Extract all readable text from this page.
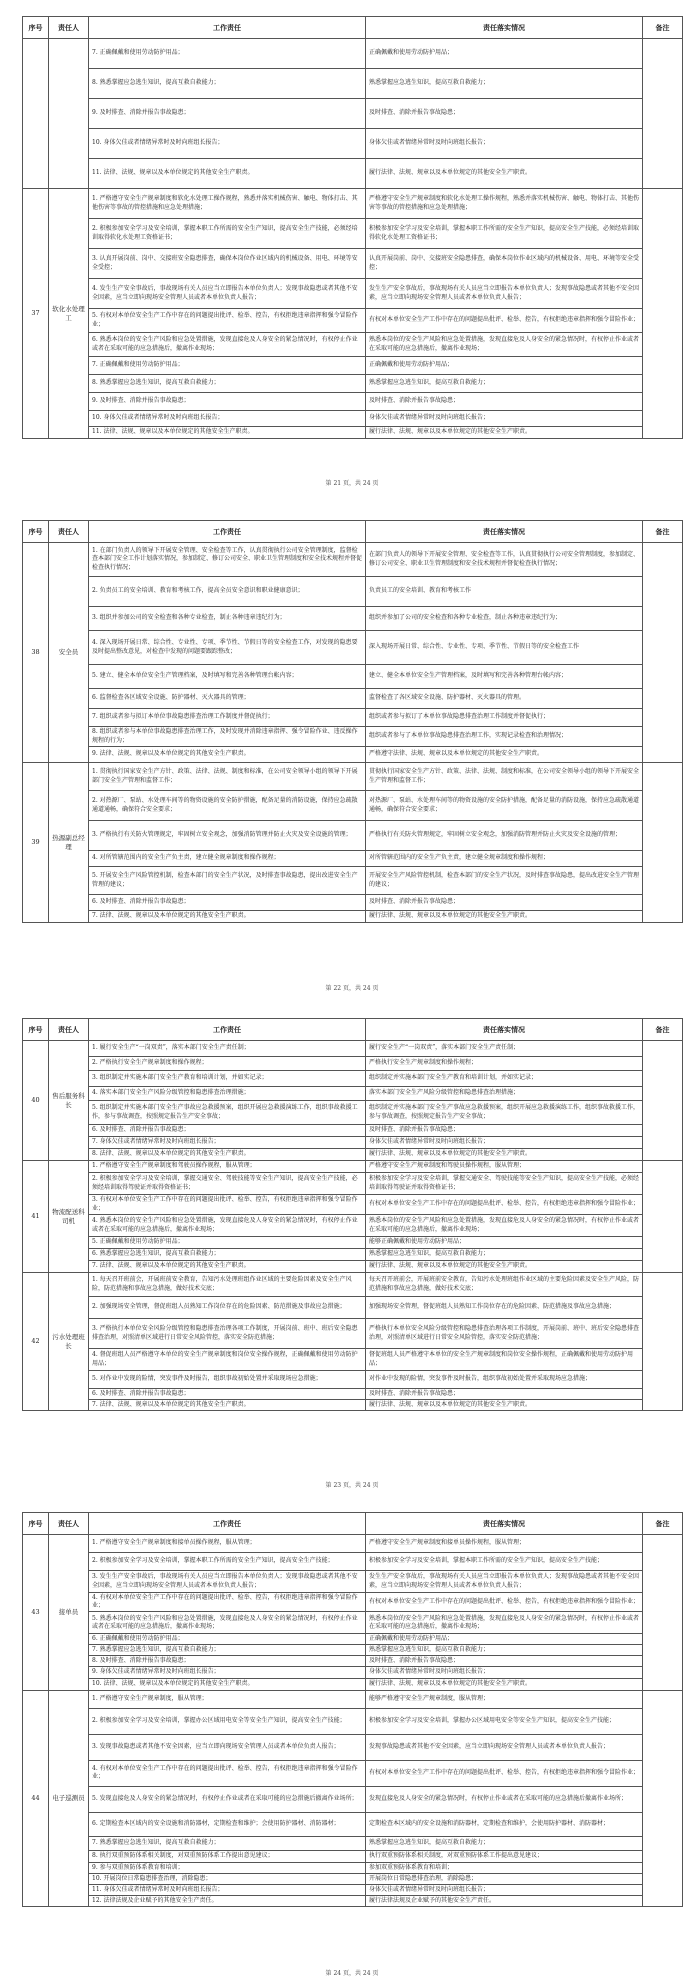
序号	责任人	工作责任	责任落实情况	备注
		7. 正确佩戴和使用劳动防护用品；	正确佩戴和使用劳动防护用品；	
		8. 熟悉掌握应急逃生知识，提高互救自救能力；	熟悉掌握应急逃生知识，提高互救自救能力；	
		9. 及时排查、消除并报告事故隐患；	及时排查、消除并报告事故隐患；	
		10. 身体欠佳或者情绪异常时及时向班组长报告；	身体欠佳或者情绪异常时及时向班组长报告；	
		11. 法律、法规、规章以及本单位规定的其他安全生产职责。	履行法律、法规、规章以及本单位规定的其他安全生产职责。	
37	软化水处理工	1. 严格遵守安全生产规章制度和软化水处理工操作规程，熟悉并落实机械伤害、触电、物体打击、其他伤害等事故的管控措施和应急处理措施；	严格遵守安全生产规章制度和软化水处理工操作规程，熟悉并落实机械伤害、触电、物体打击、其他伤害等事故的管控措施和应急处理措施；	
		2. 积极参加安全学习及安全培训，掌握本职工作所需的安全生产知识，提高安全生产技能，必须经培训取得软化水处理工资格证书；	积极参加安全学习及安全培训，掌握本职工作所需的安全生产知识，提高安全生产技能，必须经培训取得软化水处理工资格证书；	
		3. 认真开展岗前、岗中、交接班安全隐患排查，确保本岗位作业区域内的机械设备、用电、环境等安全受控；	认真开展岗前、岗中、交接班安全隐患排查，确保本岗位作业区域内的机械设备、用电、环境等安全受控；	
		4. 发生生产安全事故后，事故现场有关人员应当立即报告本单位负责人；发现事故隐患或者其他不安全因素，应当立即向现场安全管理人员或者本单位负责人报告；	发生生产安全事故后，事故现场有关人员应当立即报告本单位负责人；发现事故隐患或者其他不安全因素，应当立即向现场安全管理人员或者本单位负责人报告；	
		5. 有权对本单位安全生产工作中存在的问题提出批评、检举、控告，有权拒绝违章指挥和强令冒险作业；	有权对本单位安全生产工作中存在的问题提出批评、检举、控告，有权拒绝违章指挥和强令冒险作业；	
		6. 熟悉本岗位的安全生产风险和应急处置措施，发现直接危及人身安全的紧急情况时，有权停止作业或者在采取可能的应急措施后，撤离作业现场；	熟悉本岗位的安全生产风险和应急处置措施，发现直接危及人身安全的紧急情况时，有权停止作业或者在采取可能的应急措施后，撤离作业现场；	
		7. 正确佩戴和使用劳动防护用品；	正确佩戴和使用劳动防护用品；	
		8. 熟悉掌握应急逃生知识，提高互救自救能力；	熟悉掌握应急逃生知识，提高互救自救能力；	
		9. 及时排查、消除并报告事故隐患；	及时排查、消除并报告事故隐患；	
		10. 身体欠佳或者情绪异常时及时向班组长报告；	身体欠佳或者情绪异常时及时向班组长报告；	
		11. 法律、法规、规章以及本单位规定的其他安全生产职责。	履行法律、法规、规章以及本单位规定的其他安全生产职责。	
第 21 页，共 24 页
序号	责任人	工作责任	责任落实情况	备注
38	安全员	1. 在部门负责人的领导下开展安全管理、安全检查等工作，认真贯彻执行公司安全管理制度，监督检查本部门安全工作计划落实情况，参加制定、修订公司安全、职业卫生管理制度和安全技术规程并督促检查执行情况；	在部门负责人的领导下开展安全管理、安全检查等工作，认真贯彻执行公司安全管理制度，参加制定、修订公司安全、职业卫生管理制度和安全技术规程并督促检查执行情况；	
		2. 负责员工的安全培训、教育和考核工作，提高全员安全意识和职业健康意识；	负责员工的安全培训、教育和考核工作	
		3. 组织并参加公司的安全检查和各种专业检查，制止各种违章违纪行为；	组织并参加了公司的安全检查和各种专业检查，制止各种违章违纪行为；	
		4. 深入现场开展日常、综合性、专业性、专项、季节性、节假日等的安全检查工作，对发现的隐患要及时提出整改意见，对检查中发现的问题要跟踪整改；	深入现场开展日常、综合性、专业性、专项、季节性、节假日等的安全检查工作	
		5. 建立、健全本单位安全生产管理档案，及时填写和完善各种管理台帐内容；	建立、健全本单位安全生产管理档案，及时填写和完善各种管理台帐内容；	
		6. 监督检查各区域安全设施、防护器材、灭火器具的管理；	监督检查了各区域安全设施、防护器材、灭火器具的管理。	
		7. 组织或者参与拟订本单位事故隐患排查治理工作制度并督促执行；	组织或者参与拟订了本单位事故隐患排查治理工作制度并督促执行；	
		8. 组织或者参与本单位事故隐患排查治理工作，及时发现并消除违章指挥、强令冒险作业、违反操作规程的行为；	组织或者参与了本单位事故隐患排查治理工作，实现记录检查和治理情况；	
		9. 法律、法规、规章以及本单位规定的其他安全生产职责。	严格遵守法律、法规、规章以及本单位规定的其他安全生产职责。	
39	热源副总经理	1. 贯彻执行国家安全生产方针、政策、法律、法规、制度和标准，在公司安全领导小组的领导下开展部门安全生产管理和监督工作；	贯彻执行国家安全生产方针、政策、法律、法规、制度和标准，在公司安全领导小组的领导下开展安全生产管理和监督工作；	
		2. 对热源厂、泵站、水处理车间等的物资设施的安全防护措施，配备足量的消防设施，保持应急疏散通道通畅，确保符合安全要求；	对热源厂、泵站、水处理车间等的物资设施的安全防护措施，配备足量的消防设施，保持应急疏散通道通畅，确保符合安全要求；	
		3. 严格执行有关防火管理规定，牢固树立安全观念，加强消防管理并防止火灾及安全设施的管理；	严格执行有关防火管理规定，牢固树立安全观念，加强消防管理并防止火灾及安全设施的管理；	
		4. 对所管辖范围内的安全生产负主责，建立健全规章制度和操作规程；	对所管辖范围内的安全生产负主责，建立健全规章制度和操作规程；	
		5. 开展安全生产风险管控机制，检查本部门的安全生产状况，及时排查事故隐患，提出改进安全生产管理的建议；	开展安全生产风险管控机制，检查本部门的安全生产状况，及时排查事故隐患，提出改进安全生产管理的建议；	
		6. 及时排查、消除并报告事故隐患；	及时排查、消除并报告事故隐患；	
		7. 法律、法规、规章以及本单位规定的其他安全生产职责。	履行法律、法规、规章以及本单位规定的其他安全生产职责。	
第 22 页，共 24 页
序号	责任人	工作责任	责任落实情况	备注
40	售后服务科长	1. 履行安全生产“一岗双责”，落实本部门安全生产责任制；	履行安全生产“一岗双责”，落实本部门安全生产责任制；	
		2. 严格执行安全生产规章制度和操作规程；	严格执行安全生产规章制度和操作规程；	
		3. 组织制定并实施本部门安全生产教育和培训计划，并如实记录；	组织制定并实施本部门安全生产教育和培训计划，并如实记录；	
		4. 落实本部门安全生产风险分级管控和隐患排查治理措施；	落实本部门安全生产风险分级管控和隐患排查治理措施；	
		5. 组织制定并实施本部门安全生产事故应急救援预案，组织开展应急救援演练工作，组织事故救援工作，参与事故调查，按照规定报告生产安全事故；	组织制定并实施本部门安全生产事故应急救援预案，组织开展应急救援演练工作，组织事故救援工作，参与事故调查，按照规定报告生产安全事故；	
		6. 及时排查、消除并报告事故隐患；	及时排查、消除并报告事故隐患；	
		7. 身体欠佳或者情绪异常时及时向班组长报告；	身体欠佳或者情绪异常时及时向班组长报告；	
		8. 法律、法规、规章以及本单位规定的其他安全生产职责。	履行法律、法规、规章以及本单位规定的其他安全生产职责。	
41	物流配送科司机	1. 严格遵守安全生产规章制度和驾驶员操作规程，服从管理；	严格遵守安全生产规章制度和驾驶员操作规程，服从管理；	
		2. 积极参加安全学习及安全培训，掌握交通安全、驾驶技能等安全生产知识，提高安全生产技能，必须经培训取得驾驶证并取得资格证书；	积极参加安全学习及安全培训，掌握交通安全、驾驶技能等安全生产知识，提高安全生产技能，必须经培训取得驾驶证并取得资格证书；	
		3. 有权对本单位安全生产工作中存在的问题提出批评、检举、控告，有权拒绝违章指挥和强令冒险作业；	有权对本单位安全生产工作中存在的问题提出批评、检举、控告，有权拒绝违章指挥和强令冒险作业；	
		4. 熟悉本岗位的安全生产风险和应急处置措施，发现直接危及人身安全的紧急情况时，有权停止作业或者在采取可能的应急措施后，撤离作业现场；	熟悉本岗位的安全生产风险和应急处置措施，发现直接危及人身安全的紧急情况时，有权停止作业或者在采取可能的应急措施后，撤离作业现场；	
		5. 正确佩戴和使用劳动防护用品；	能够正确佩戴和使用劳动防护用品；	
		6. 熟悉掌握应急逃生知识，提高互救自救能力；	熟悉掌握应急逃生知识，提高互救自救能力；	
		7. 法律、法规、规章以及本单位规定的其他安全生产职责。	履行法律、法规、规章以及本单位规定的其他安全生产职责。	
42	污水处理班长	1. 每天召开班前会，开展班前安全教育，告知污水处理班组作业区域的主要危险因素及安全生产风险，防范措施和事故应急措施，做好技术交底；	每天召开班前会，开展班前安全教育，告知污水处理班组作业区域的主要危险因素及安全生产风险，防范措施和事故应急措施，做好技术交底；	
		2. 加强现场安全管理，督促班组人员熟知工作岗位存在的危险因素、防范措施及事故应急措施；	加强现场安全管理，督促班组人员熟知工作岗位存在的危险因素、防范措施及事故应急措施；	
		3. 严格执行本单位安全风险分级管控和隐患排查治理各项工作制度，开展岗前、班中、班后安全隐患排查治理，对照清单区域进行日常安全风险管控，落实安全防范措施；	严格执行本单位安全风险分级管控和隐患排查治理各项工作制度，开展岗前、班中、班后安全隐患排查治理，对照清单区域进行日常安全风险管控，落实安全防范措施；	
		4. 督促班组人员严格遵守本单位的安全生产规章制度和岗位安全操作规程，正确佩戴和使用劳动防护用品；	督促班组人员严格遵守本单位的安全生产规章制度和岗位安全操作规程，正确佩戴和使用劳动防护用品；	
		5. 对作业中发现的险情，突发事件及时报告，组织事故初始处置并采取现场应急措施；	对作业中发现的险情，突发事件及时报告，组织事故初始处置并采取现场应急措施；	
		6. 及时排查、消除并报告事故隐患；	及时排查、消除并报告事故隐患；	
		7. 法律、法规、规章以及本单位规定的其他安全生产职责。	履行法律、法规、规章以及本单位规定的其他安全生产职责。	
第 23 页，共 24 页
序号	责任人	工作责任	责任落实情况	备注
43	接单员	1. 严格遵守安全生产规章制度和接单员操作规程，服从管理；	严格遵守安全生产规章制度和接单员操作规程，服从管理；	
		2. 积极参加安全学习及安全培训，掌握本职工作所需的安全生产知识，提高安全生产技能；	积极参加安全学习及安全培训，掌握本职工作所需的安全生产知识，提高安全生产技能；	
		3. 发生生产安全事故后，事故现场有关人员应当立即报告本单位负责人；发现事故隐患或者其他不安全因素，应当立即向现场安全管理人员或者本单位负责人报告；	发生生产安全事故后，事故现场有关人员应当立即报告本单位负责人；发现事故隐患或者其他不安全因素，应当立即向现场安全管理人员或者本单位负责人报告；	
		4. 有权对本单位安全生产工作中存在的问题提出批评、检举、控告，有权拒绝违章指挥和强令冒险作业；	有权对本单位安全生产工作中存在的问题提出批评、检举、控告，有权拒绝违章指挥和强令冒险作业；	
		5. 熟悉本岗位的安全生产风险和应急处置措施，发现直接危及人身安全的紧急情况时，有权停止作业或者在采取可能的应急措施后，撤离作业现场；	熟悉本岗位的安全生产风险和应急处置措施，发现直接危及人身安全的紧急情况时，有权停止作业或者在采取可能的应急措施后，撤离作业现场；	
		6. 正确佩戴和使用劳动防护用品；	正确佩戴和使用劳动防护用品；	
		7. 熟悉掌握应急逃生知识，提高互救自救能力；	熟悉掌握应急逃生知识，提高互救自救能力；	
		8. 及时排查、消除并报告事故隐患；	及时排查、消除并报告事故隐患；	
		9. 身体欠佳或者情绪异常时及时向班组长报告；	身体欠佳或者情绪异常时及时向班组长报告；	
		10. 法律、法规、规章以及本单位规定的其他安全生产职责。	履行法律、法规、规章以及本单位规定的其他安全生产职责。	
44	电子巡测员	1. 严格遵守安全生产规章制度，服从管理；	能够严格遵守安全生产规章制度，服从管理；	
		2. 积极参加安全学习及安全培训，掌握办公区域用电安全等安全生产知识，提高安全生产技能；	积极参加安全学习及安全培训，掌握办公区域用电安全等安全生产知识，提高安全生产技能；	
		3. 发现事故隐患或者其他不安全因素，应当立即向现场安全管理人员或者本单位负责人报告；	发现事故隐患或者其他不安全因素，应当立即向现场安全管理人员或者本单位负责人报告；	
		4. 有权对本单位安全生产工作中存在的问题提出批评、检举、控告，有权拒绝违章指挥和强令冒险作业；	有权对本单位安全生产工作中存在的问题提出批评、检举、控告，有权拒绝违章指挥和强令冒险作业；	
		5. 发现直接危及人身安全的紧急情况时，有权停止作业或者在采取可能的应急措施后撤离作业场所；	发现直接危及人身安全的紧急情况时，有权停止作业或者在采取可能的应急措施后撤离作业场所；	
		6. 定期检查本区域内的安全设施和消防器材，定期检查和维护；会使用防护器材、消防器材；	定期检查本区域内的安全设施和消防器材，定期检查和维护，会使用防护器材、消防器材；	
		7. 熟悉掌握应急逃生知识，提高互救自救能力；	熟悉掌握应急逃生知识，提高互救自救能力；	
		8. 执行双重预防体系相关制度，对双重预防体系工作提出意见建议；	执行双重预防体系相关制度，对双重预防体系工作提出意见建议；	
		9. 参与双重预防体系教育和培训；	参加双重预防体系教育和培训；	
		10. 开展岗位日常隐患排查治理，消除隐患；	开展岗位日常隐患排查治理，消除隐患；	
		11. 身体欠佳或者情绪异常时及时向班组长报告；	身体欠佳或者情绪异常时及时向班组长报告；	
		12. 法律法规及企业赋予的其他安全生产责任。	履行法律法规及企业赋予的其他安全生产责任。	
第 24 页，共 24 页
